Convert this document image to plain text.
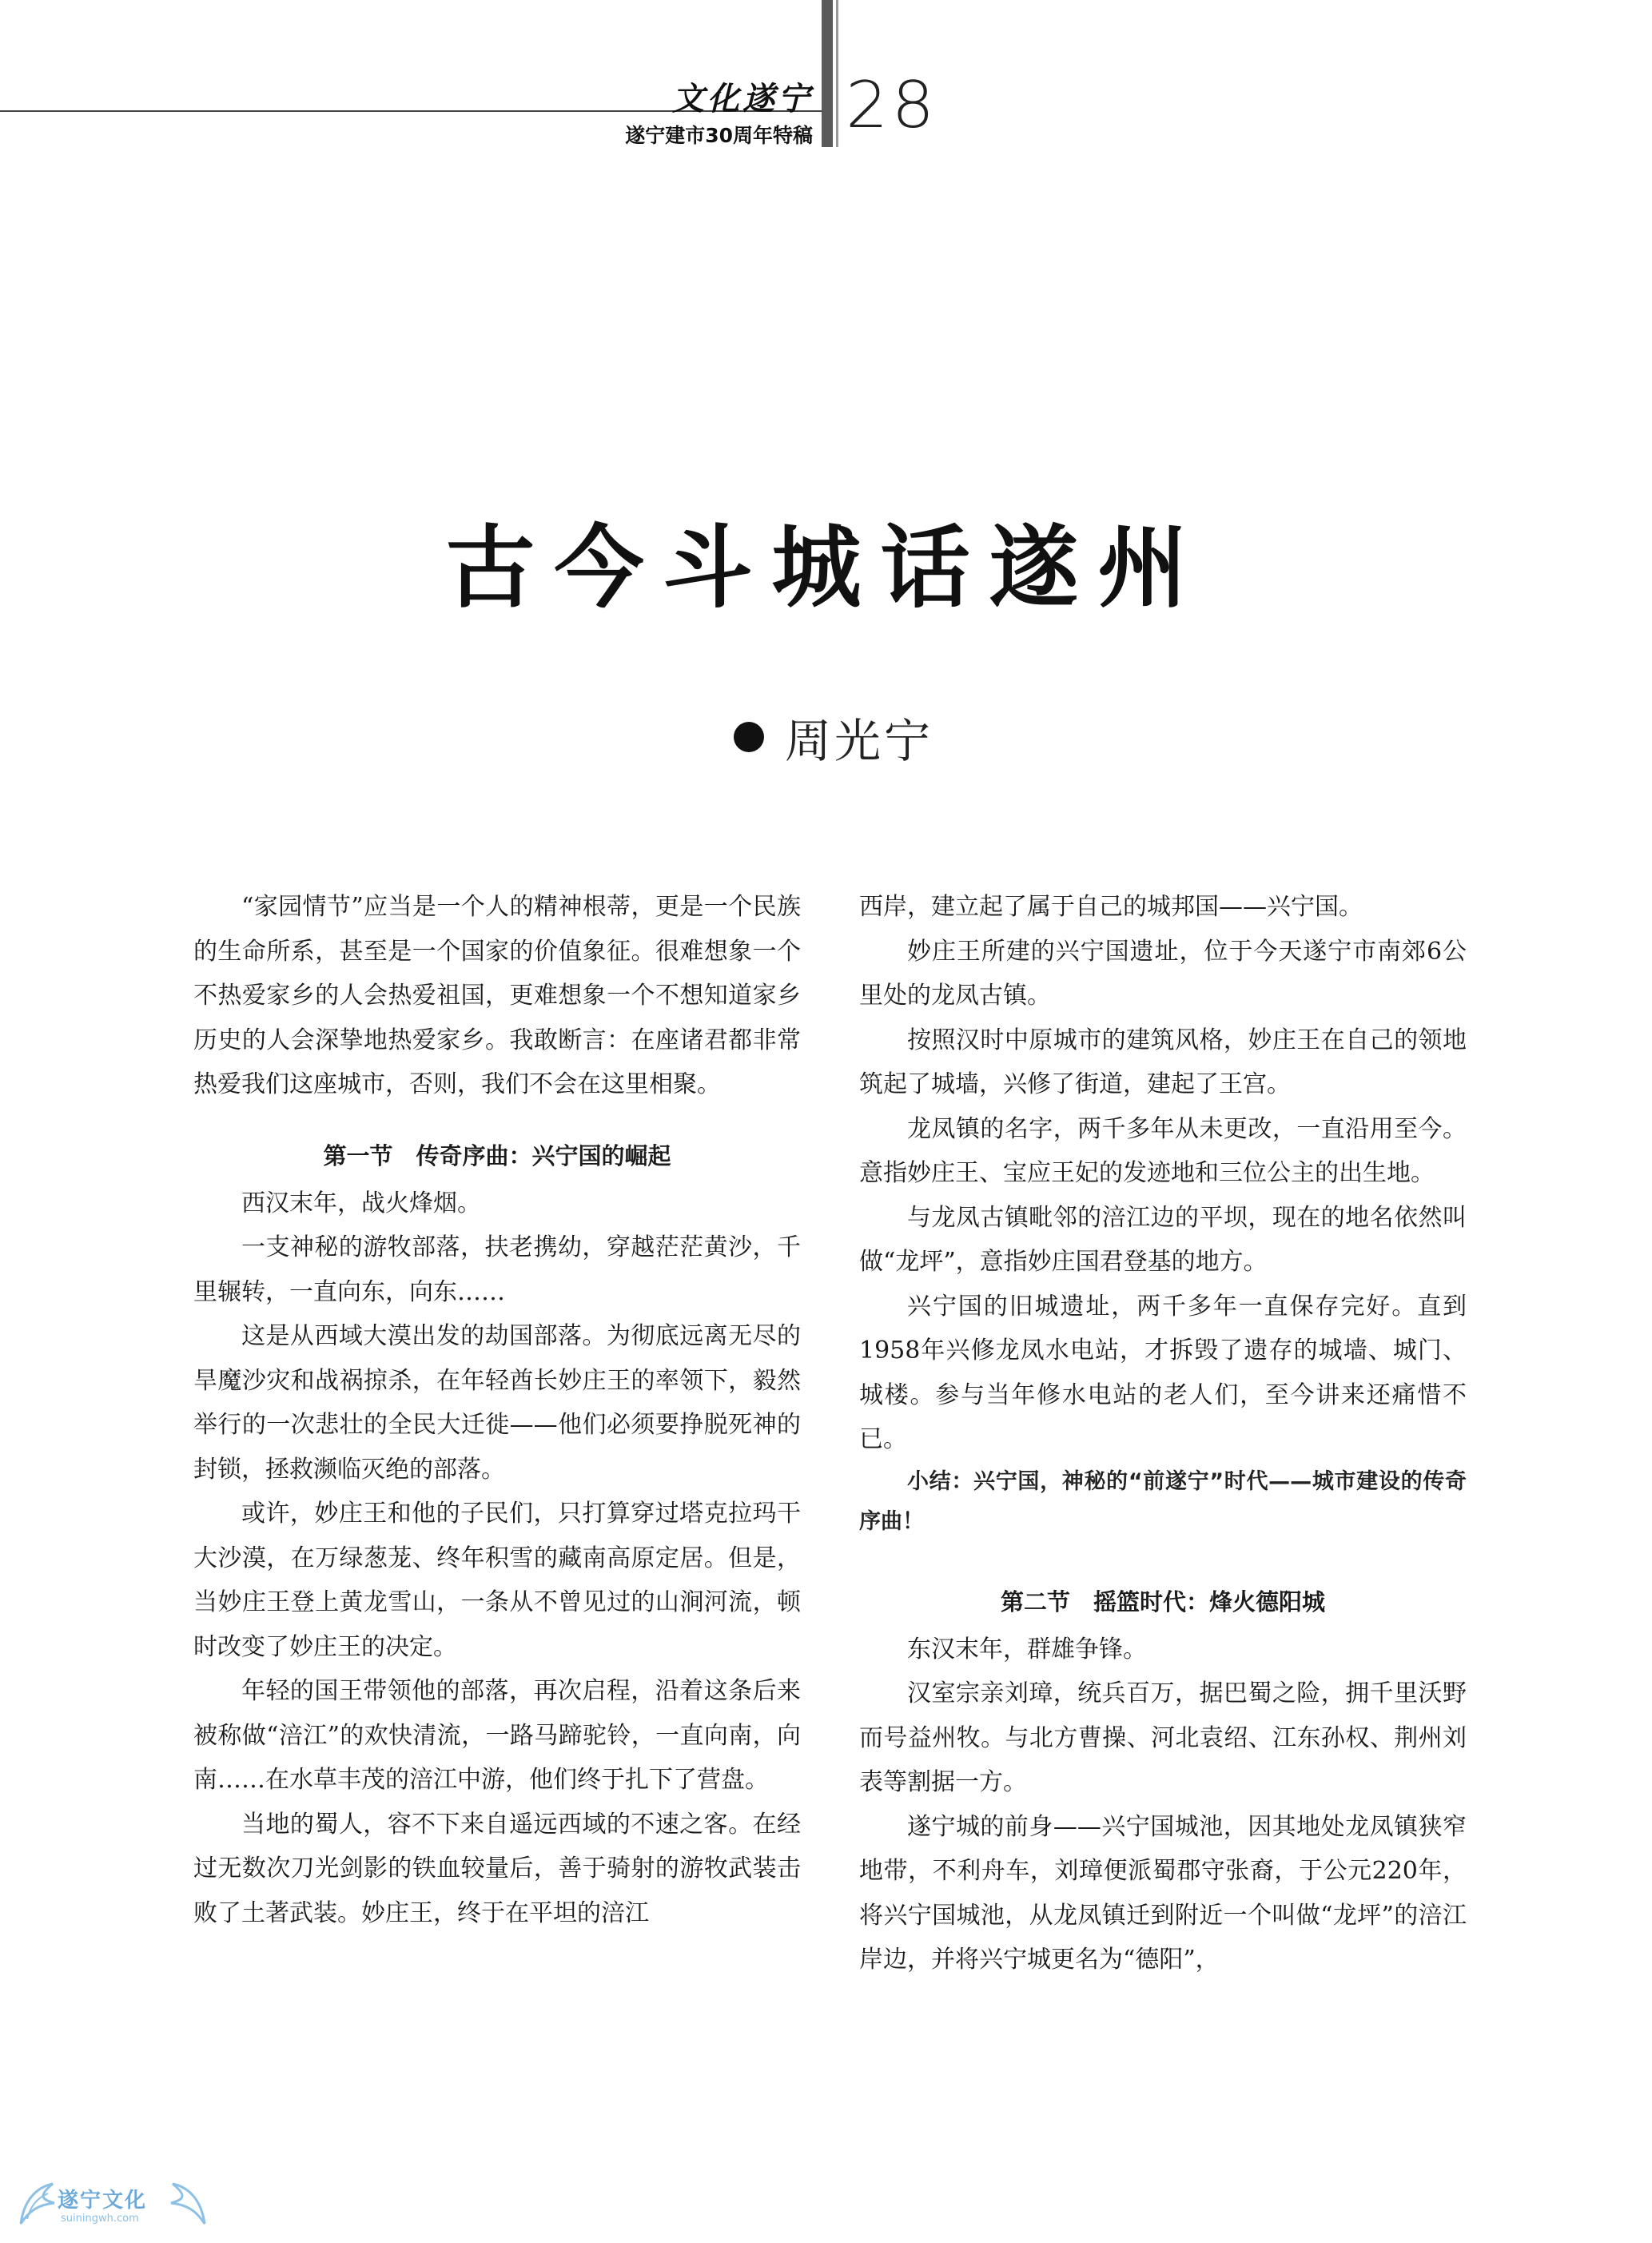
文化遂宁
遂宁建市30周年特稿 28
古今斗城话遂州
周光宁

“家园情节”应当是一个人的精神根蒂，更是一个民族的生命所系，甚至是一个国家的价值象征。很难想象一个不热爱家乡的人会热爱祖国，更难想象一个不想知道家乡历史的人会深挚地热爱家乡。我敢断言：在座诸君都非常热爱我们这座城市，否则，我们不会在这里相聚。

第一节　传奇序曲：兴宁国的崛起

西汉末年，战火烽烟。

一支神秘的游牧部落，扶老携幼，穿越茫茫黄沙，千里辗转，一直向东，向东……

这是从西域大漠出发的劫国部落。为彻底远离无尽的旱魔沙灾和战祸掠杀，在年轻酋长妙庄王的率领下，毅然举行的一次悲壮的全民大迁徙——他们必须要挣脱死神的封锁，拯救濒临灭绝的部落。

或许，妙庄王和他的子民们，只打算穿过塔克拉玛干大沙漠，在万绿葱茏、终年积雪的藏南高原定居。但是，当妙庄王登上黄龙雪山，一条从不曾见过的山涧河流，顿时改变了妙庄王的决定。

年轻的国王带领他的部落，再次启程，沿着这条后来被称做“涪江”的欢快清流，一路马蹄驼铃，一直向南，向南……在水草丰茂的涪江中游，他们终于扎下了营盘。

当地的蜀人，容不下来自遥远西域的不速之客。在经过无数次刀光剑影的铁血较量后，善于骑射的游牧武装击败了土著武装。妙庄王，终于在平坦的涪江

西岸，建立起了属于自己的城邦国——兴宁国。

妙庄王所建的兴宁国遗址，位于今天遂宁市南郊6公里处的龙凤古镇。

按照汉时中原城市的建筑风格，妙庄王在自己的领地筑起了城墙，兴修了街道，建起了王宫。

龙凤镇的名字，两千多年从未更改，一直沿用至今。意指妙庄王、宝应王妃的发迹地和三位公主的出生地。

与龙凤古镇毗邻的涪江边的平坝，现在的地名依然叫做“龙坪”，意指妙庄国君登基的地方。

兴宁国的旧城遗址，两千多年一直保存完好。直到1958年兴修龙凤水电站，才拆毁了遗存的城墙、城门、城楼。参与当年修水电站的老人们，至今讲来还痛惜不已。

小结：兴宁国，神秘的“前遂宁”时代——城市建设的传奇序曲！

第二节　摇篮时代：烽火德阳城

东汉末年，群雄争锋。

汉室宗亲刘璋，统兵百万，据巴蜀之险，拥千里沃野而号益州牧。与北方曹操、河北袁绍、江东孙权、荆州刘表等割据一方。

遂宁城的前身——兴宁国城池，因其地处龙凤镇狭窄地带，不利舟车，刘璋便派蜀郡守张裔，于公元220年，将兴宁国城池，从龙凤镇迁到附近一个叫做“龙坪”的涪江岸边，并将兴宁城更名为“德阳”，

遂宁文化
suiningwh.com
